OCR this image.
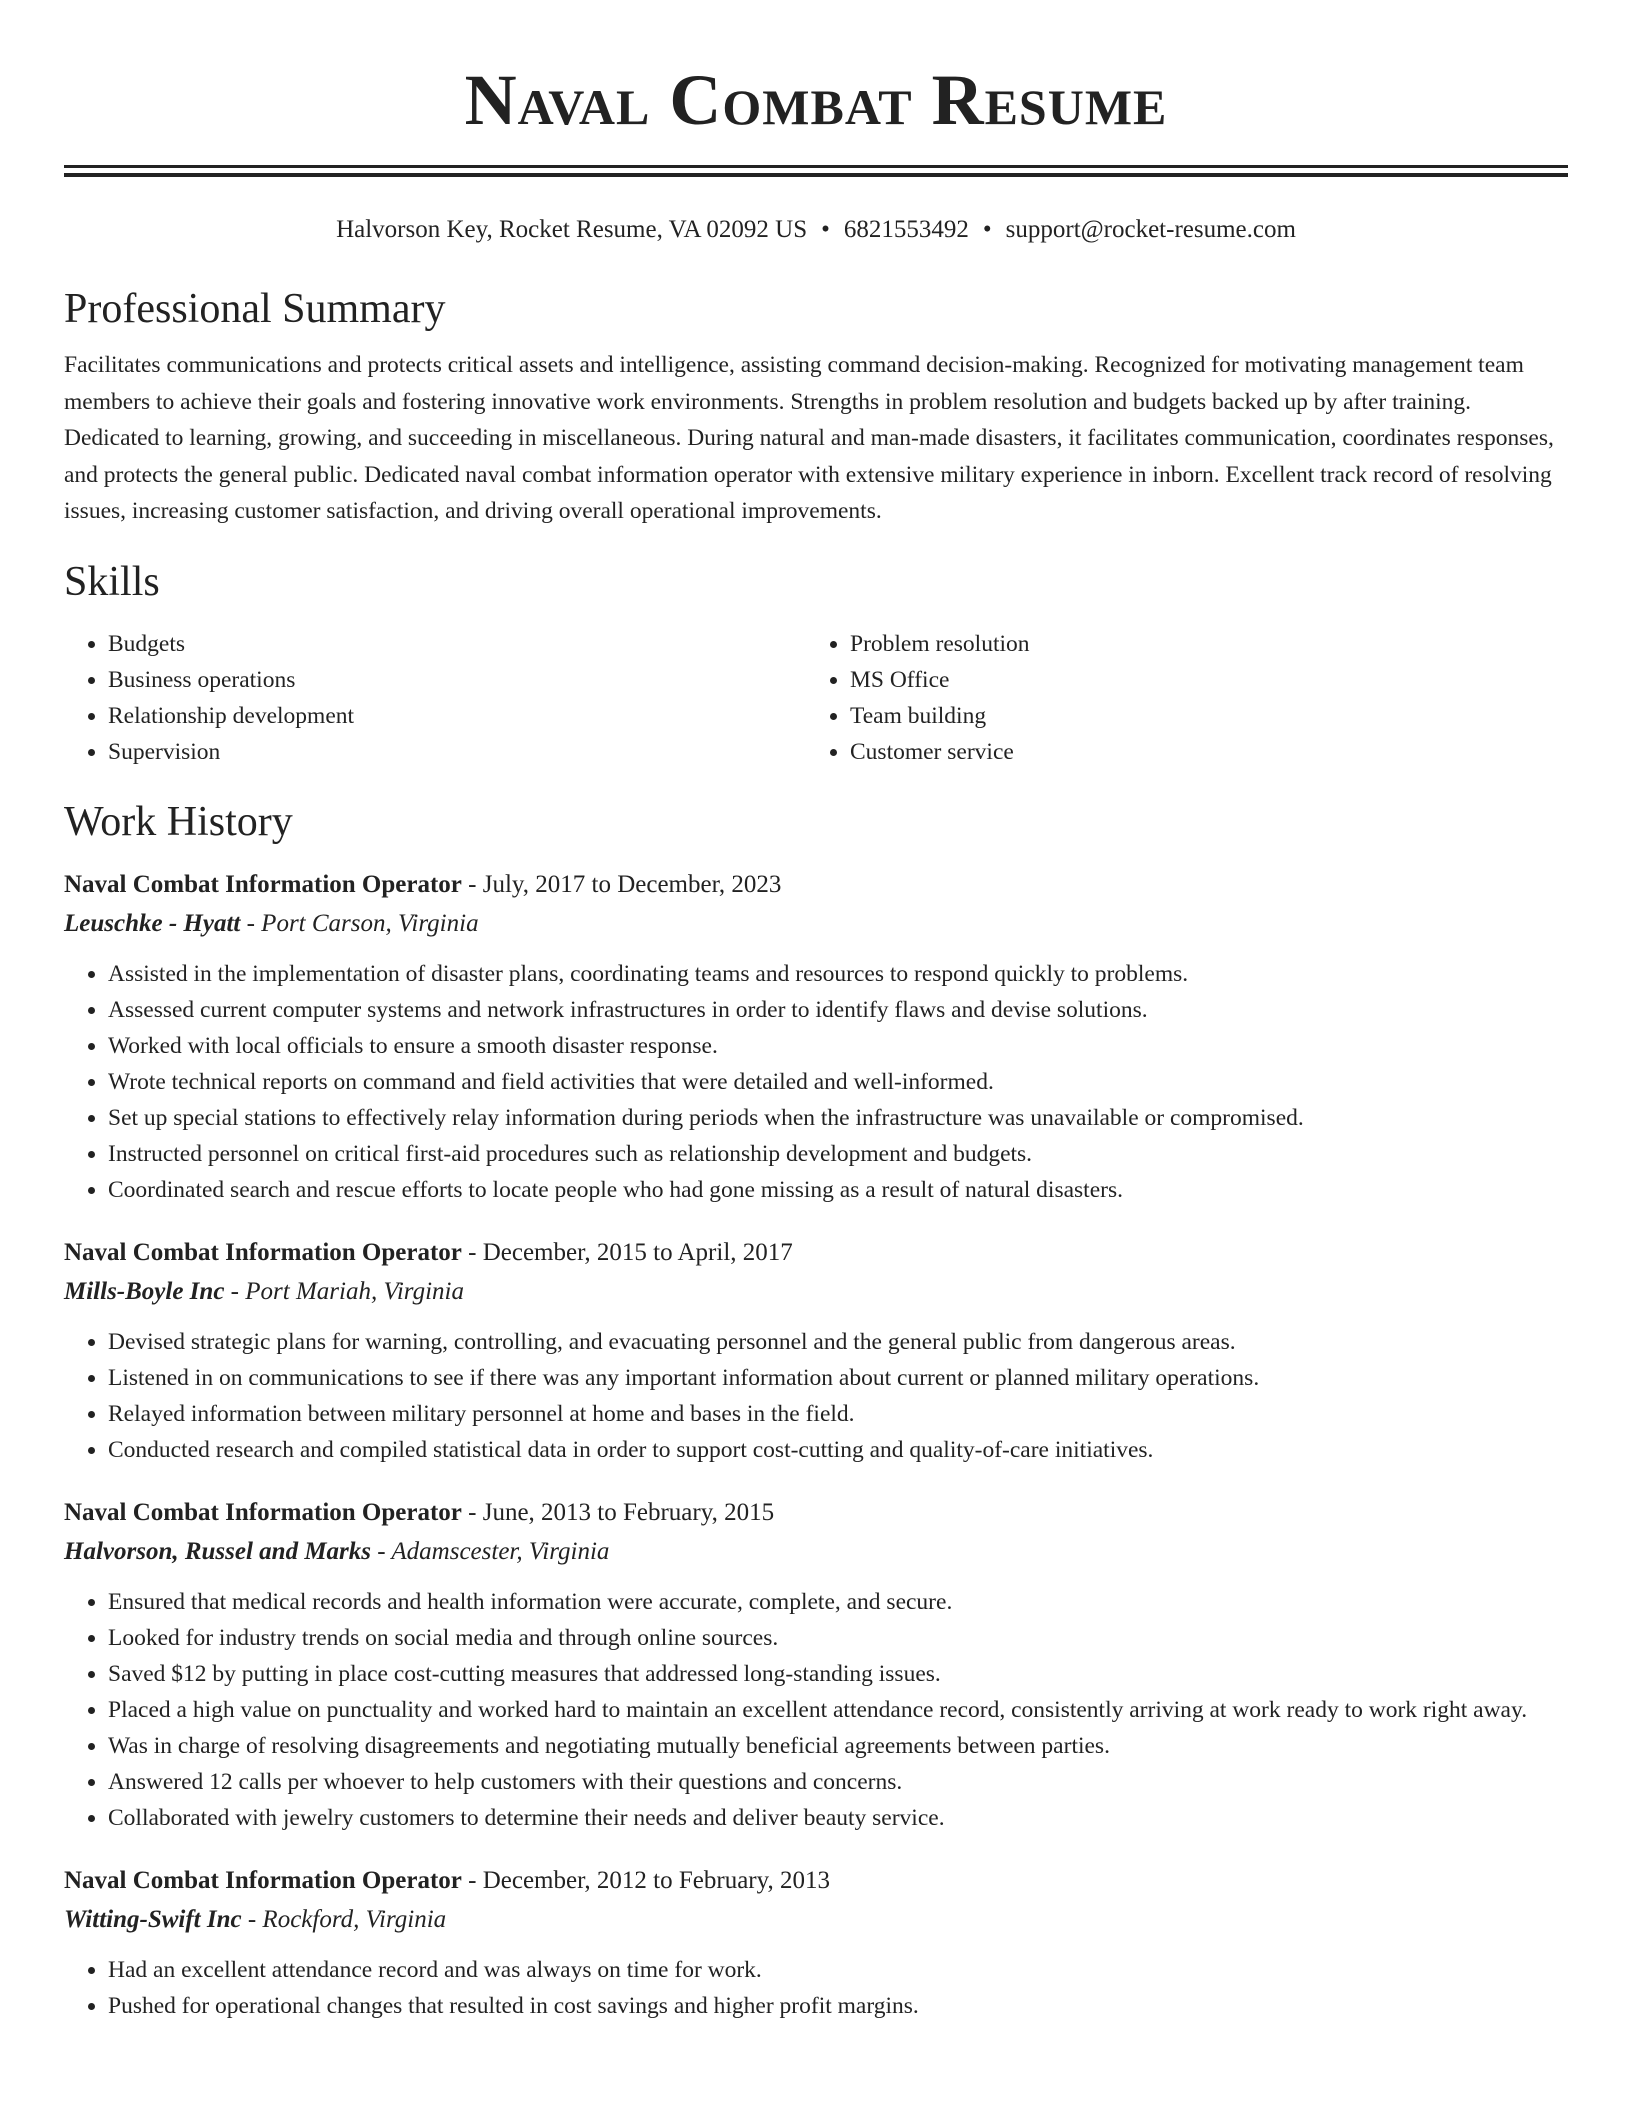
Naval Combat Resume
Halvorson Key, Rocket Resume, VA 02092 US • 6821553492 • support@rocket-resume.com
Professional Summary

Facilitates communications and protects critical assets and intelligence, assisting command decision-making. Recognized for motivating management team members to achieve their goals and fostering innovative work environments. Strengths in problem resolution and budgets backed up by after training. Dedicated to learning, growing, and succeeding in miscellaneous. During natural and man-made disasters, it facilitates communication, coordinates responses, and protects the general public. Dedicated naval combat information operator with extensive military experience in inborn. Excellent track record of resolving issues, increasing customer satisfaction, and driving overall operational improvements.

Skills
• Budgets
• Business operations
• Relationship development
• Supervision
• Problem resolution
• MS Office
• Team building
• Customer service
Work History
Naval Combat Information Operator - July, 2017 to December, 2023
Leuschke - Hyatt - Port Carson, Virginia
• Assisted in the implementation of disaster plans, coordinating teams and resources to respond quickly to problems.
• Assessed current computer systems and network infrastructures in order to identify flaws and devise solutions.
• Worked with local officials to ensure a smooth disaster response.
• Wrote technical reports on command and field activities that were detailed and well-informed.
• Set up special stations to effectively relay information during periods when the infrastructure was unavailable or compromised.
• Instructed personnel on critical first-aid procedures such as relationship development and budgets.
• Coordinated search and rescue efforts to locate people who had gone missing as a result of natural disasters.
Naval Combat Information Operator - December, 2015 to April, 2017
Mills-Boyle Inc - Port Mariah, Virginia
• Devised strategic plans for warning, controlling, and evacuating personnel and the general public from dangerous areas.
• Listened in on communications to see if there was any important information about current or planned military operations.
• Relayed information between military personnel at home and bases in the field.
• Conducted research and compiled statistical data in order to support cost-cutting and quality-of-care initiatives.
Naval Combat Information Operator - June, 2013 to February, 2015
Halvorson, Russel and Marks - Adamscester, Virginia
• Ensured that medical records and health information were accurate, complete, and secure.
• Looked for industry trends on social media and through online sources.
• Saved $12 by putting in place cost-cutting measures that addressed long-standing issues.
• Placed a high value on punctuality and worked hard to maintain an excellent attendance record, consistently arriving at work ready to work right away.
• Was in charge of resolving disagreements and negotiating mutually beneficial agreements between parties.
• Answered 12 calls per whoever to help customers with their questions and concerns.
• Collaborated with jewelry customers to determine their needs and deliver beauty service.
Naval Combat Information Operator - December, 2012 to February, 2013
Witting-Swift Inc - Rockford, Virginia
• Had an excellent attendance record and was always on time for work.
• Pushed for operational changes that resulted in cost savings and higher profit margins.
